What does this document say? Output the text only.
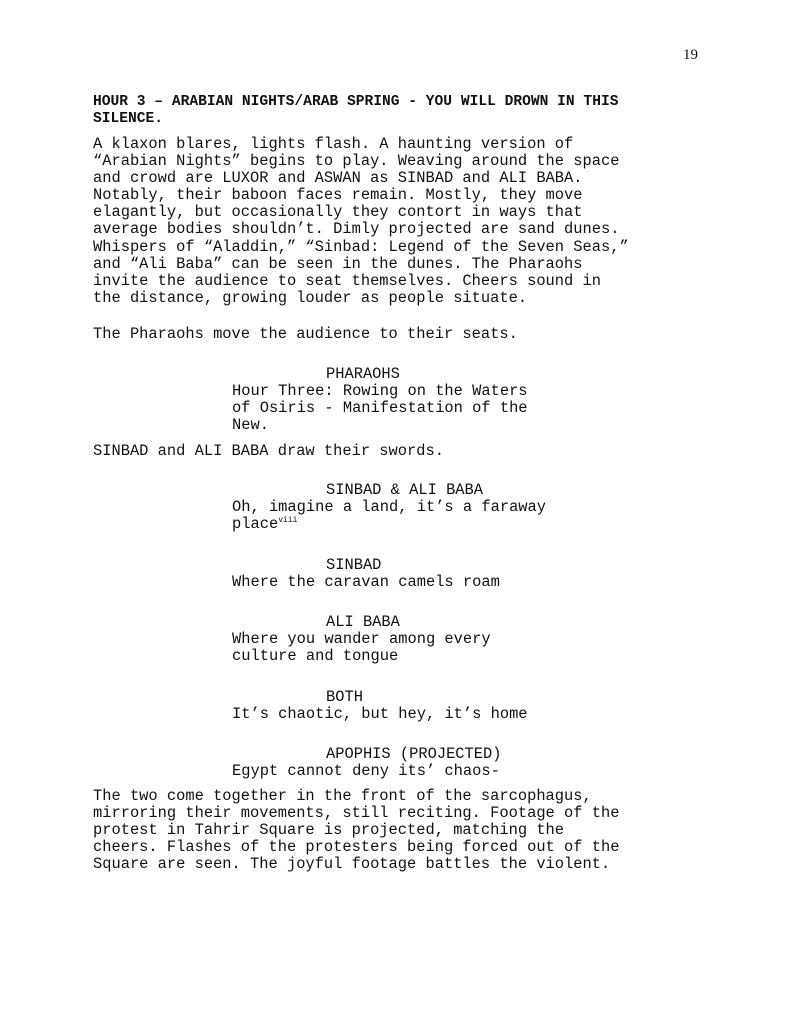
19
HOUR 3 – ARABIAN NIGHTS/ARAB SPRING - YOU WILL DROWN IN THIS SILENCE.
A klaxon blares, lights flash. A haunting version of
“Arabian Nights” begins to play. Weaving around the space
and crowd are LUXOR and ASWAN as SINBAD and ALI BABA.
Notably, their baboon faces remain. Mostly, they move
elagantly, but occasionally they contort in ways that
average bodies shouldn’t. Dimly projected are sand dunes.
Whispers of “Aladdin,” “Sinbad: Legend of the Seven Seas,”
and “Ali Baba” can be seen in the dunes. The Pharaohs
invite the audience to seat themselves. Cheers sound in
the distance, growing louder as people situate.
The Pharaohs move the audience to their seats.
PHARAOHS
Hour Three: Rowing on the Waters
of Osiris - Manifestation of the
New.
SINBAD and ALI BABA draw their swords.
SINBAD & ALI BABA
Oh, imagine a land, it’s a faraway
place$^{viii}$
SINBAD
Where the caravan camels roam
ALI BABA
Where you wander among every
culture and tongue
BOTH
It’s chaotic, but hey, it’s home
APOPHIS (PROJECTED)
Egypt cannot deny its’ chaos-
The two come together in the front of the sarcophagus,
mirroring their movements, still reciting. Footage of the
protest in Tahrir Square is projected, matching the
cheers. Flashes of the protesters being forced out of the
Square are seen. The joyful footage battles the violent.
